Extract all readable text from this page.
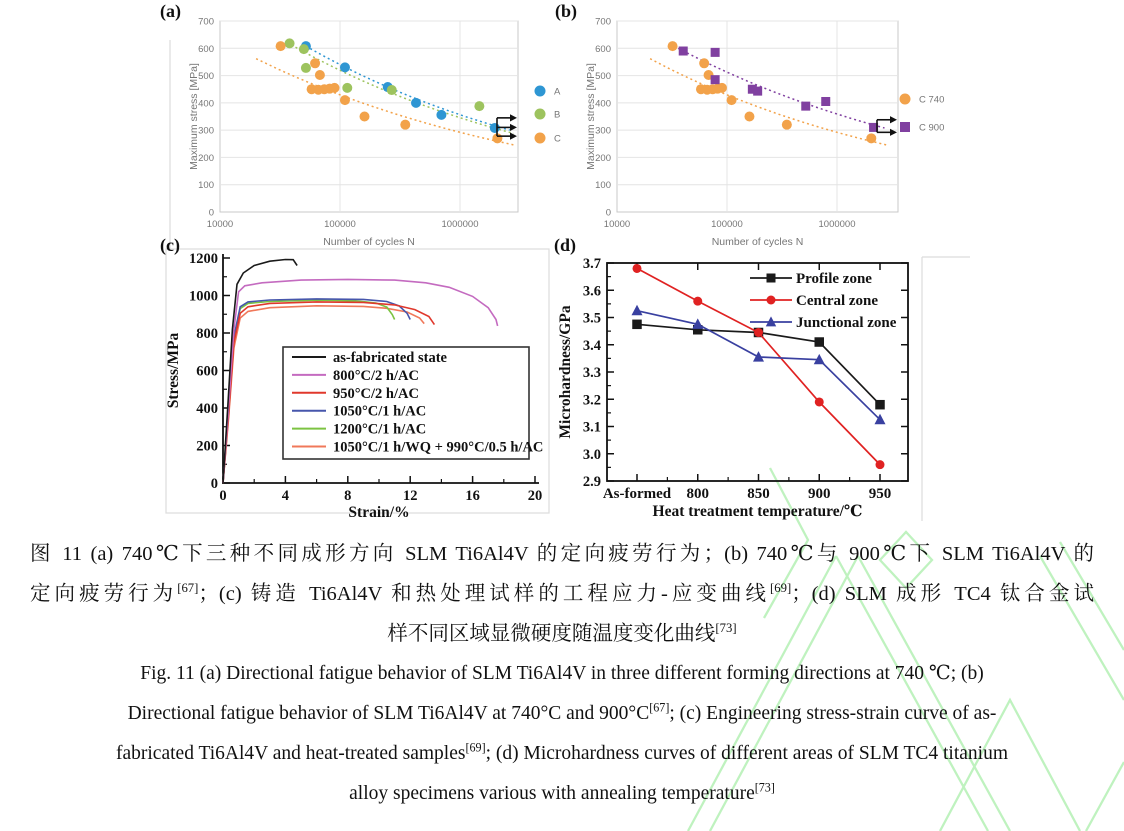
0
100
200
300
400
500
600
700
10000	100000	1000000
Maximum stress [MPa]
Number of cycles N
A
B
C
0
100
200
300
400
500
600
700
10000	100000	1000000
Maximum stress [MPa]
Number of cycles N
C 740
C 900
0	4	8	12	16	20
0
200
400
600
800
1000
1200
Stress/MPa
Strain/%
as-fabricated state
800°C/2 h/AC
950°C/2 h/AC
1050°C/1 h/AC
1200°C/1 h/AC
1050°C/1 h/WQ + 990°C/0.5 h/AC
2.9
3.0
3.1
3.2
3.3
3.4
3.5
3.6
3.7
As-formed 800	850	900	950
Microhardness/GPa
Heat treatment temperature/℃
Profile zone
Central zone
Junctional zone
(a)	(b)
(c)	(d)
图 11 (a) 740℃下三种不同成形方向 SLM Ti6Al4V 的定向疲劳行为；(b) 740℃与 900℃下 SLM Ti6Al4V 的
定向疲劳行为[67]；(c) 铸造 Ti6Al4V 和热处理试样的工程应力-应变曲线[69]；(d) SLM 成形 TC4 钛合金试
样不同区域显微硬度随温度变化曲线[73]
Fig. 11 (a) Directional fatigue behavior of SLM Ti6Al4V in three different forming directions at 740 ℃; (b)
Directional fatigue behavior of SLM Ti6Al4V at 740°C and 900°C[67]; (c) Engineering stress-strain curve of as-
fabricated Ti6Al4V and heat-treated samples[69]; (d) Microhardness curves of different areas of SLM TC4 titanium
alloy specimens various with annealing temperature[73]
